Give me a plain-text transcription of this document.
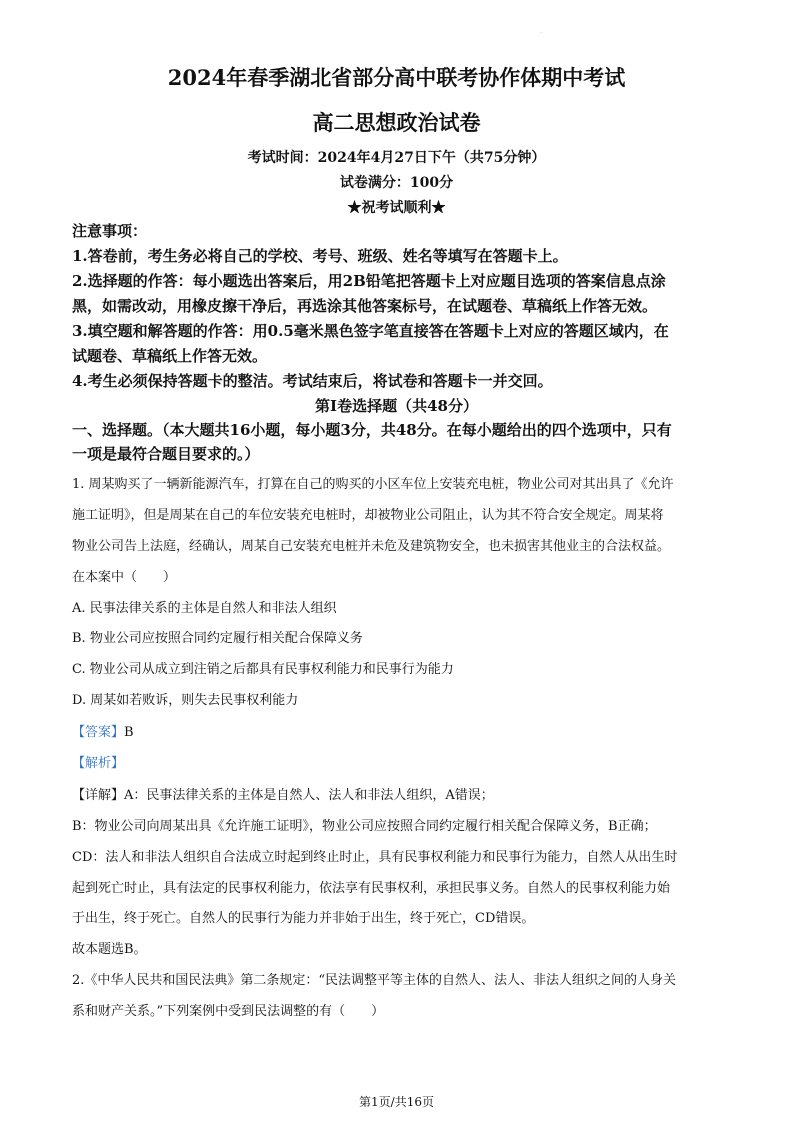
·
2024年春季湖北省部分高中联考协作体期中考试
高二思想政治试卷
考试时间：2024年4月27日下午（共75分钟）
试卷满分：100分
★祝考试顺利★
注意事项：
1.答卷前，考生务必将自己的学校、考号、班级、姓名等填写在答题卡上。
2.选择题的作答：每小题选出答案后，用2B铅笔把答题卡上对应题目选项的答案信息点涂
黑，如需改动，用橡皮擦干净后，再选涂其他答案标号，在试题卷、草稿纸上作答无效。
3.填空题和解答题的作答：用0.5毫米黑色签字笔直接答在答题卡上对应的答题区域内，在
试题卷、草稿纸上作答无效。
4.考生必须保持答题卡的整洁。考试结束后，将试卷和答题卡一并交回。
第Ⅰ卷选择题（共48分）
一、选择题。（本大题共16小题，每小题3分，共48分。在每小题给出的四个选项中，只有
一项是最符合题目要求的。）
1. 周某购买了一辆新能源汽车，打算在自己的购买的小区车位上安装充电桩，物业公司对其出具了《允许
施工证明》，但是周某在自己的车位安装充电桩时，却被物业公司阻止，认为其不符合安全规定。周某将
物业公司告上法庭，经确认，周某自己安装充电桩并未危及建筑物安全，也未损害其他业主的合法权益。
在本案中（　　）
A. 民事法律关系的主体是自然人和非法人组织
B. 物业公司应按照合同约定履行相关配合保障义务
C. 物业公司从成立到注销之后都具有民事权利能力和民事行为能力
D. 周某如若败诉，则失去民事权利能力
【答案】B
【解析】
【详解】A：民事法律关系的主体是自然人、法人和非法人组织，A错误；
B：物业公司向周某出具《允许施工证明》，物业公司应按照合同约定履行相关配合保障义务，B正确；
CD：法人和非法人组织自合法成立时起到终止时止，具有民事权利能力和民事行为能力，自然人从出生时
起到死亡时止，具有法定的民事权利能力，依法享有民事权利，承担民事义务。自然人的民事权利能力始
于出生，终于死亡。自然人的民事行为能力并非始于出生，终于死亡，CD错误。
故本题选B。
2.《中华人民共和国民法典》第二条规定：“民法调整平等主体的自然人、法人、非法人组织之间的人身关
系和财产关系。”下列案例中受到民法调整的有（　　）
第1页/共16页
